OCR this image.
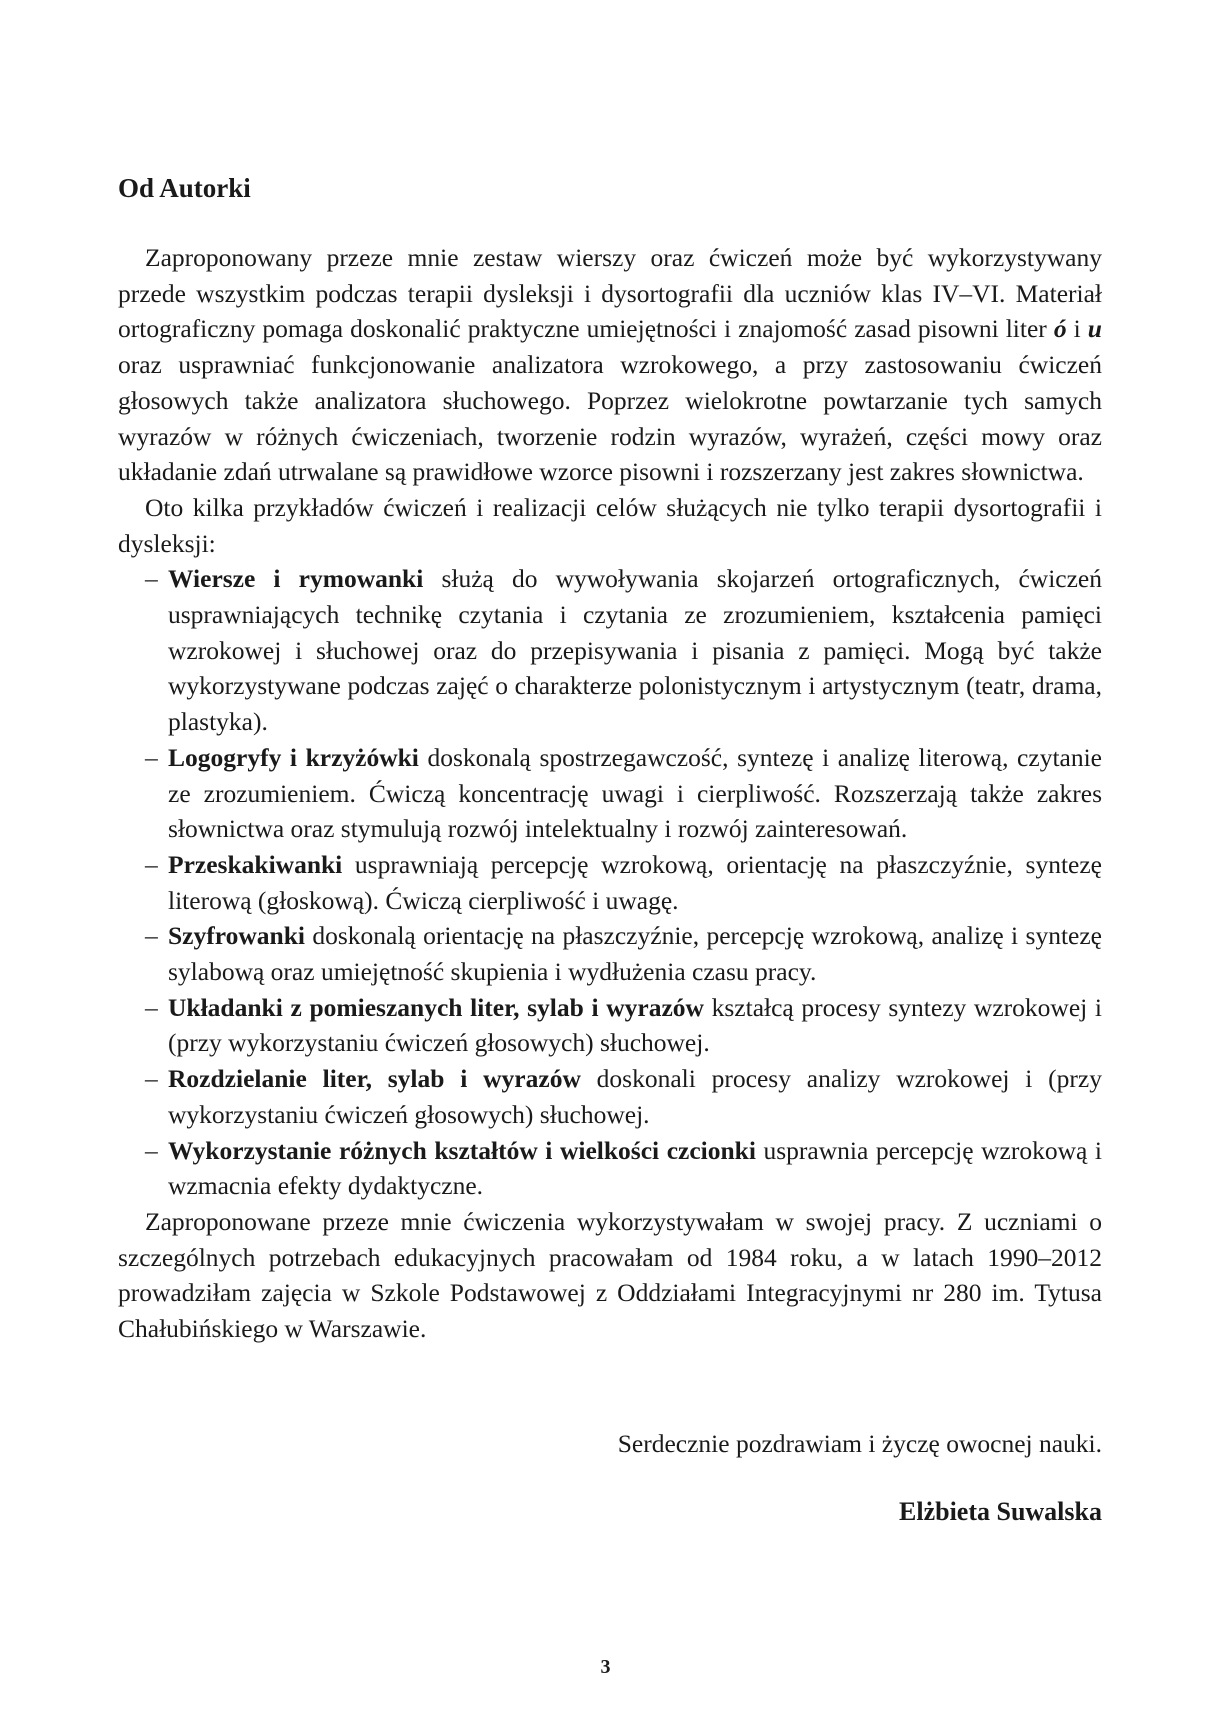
Od Autorki

Zaproponowany przeze mnie zestaw wierszy oraz ćwiczeń może być wykorzystywany przede wszystkim podczas terapii dysleksji i dysortografii dla uczniów klas IV–VI. Materiał ortograficzny pomaga doskonalić praktyczne umiejętności i znajomość zasad pisowni liter ó i u oraz usprawniać funkcjonowanie analizatora wzrokowego, a przy zastosowaniu ćwiczeń głosowych także analizatora słuchowego. Poprzez wielokrotne powtarzanie tych samych wyrazów w różnych ćwiczeniach, tworzenie rodzin wyrazów, wyrażeń, części mowy oraz układanie zdań utrwalane są prawidłowe wzorce pisowni i rozszerzany jest zakres słownictwa.

Oto kilka przykładów ćwiczeń i realizacji celów służących nie tylko terapii dysortografii i dysleksji:

– Wiersze i rymowanki służą do wywoływania skojarzeń ortograficznych, ćwiczeń usprawniających technikę czytania i czytania ze zrozumieniem, kształcenia pamięci wzrokowej i słuchowej oraz do przepisywania i pisania z pamięci. Mogą być także wykorzystywane podczas zajęć o charakterze polonistycznym i artystycznym (teatr, drama, plastyka).
– Logogryfy i krzyżówki doskonalą spostrzegawczość, syntezę i analizę literową, czytanie ze zrozumieniem. Ćwiczą koncentrację uwagi i cierpliwość. Rozszerzają także zakres słownictwa oraz stymulują rozwój intelektualny i rozwój zainteresowań.
– Przeskakiwanki usprawniają percepcję wzrokową, orientację na płaszczyźnie, syntezę literową (głoskową). Ćwiczą cierpliwość i uwagę.
– Szyfrowanki doskonalą orientację na płaszczyźnie, percepcję wzrokową, analizę i syntezę sylabową oraz umiejętność skupienia i wydłużenia czasu pracy.
– Układanki z pomieszanych liter, sylab i wyrazów kształcą procesy syntezy wzrokowej i (przy wykorzystaniu ćwiczeń głosowych) słuchowej.
– Rozdzielanie liter, sylab i wyrazów doskonali procesy analizy wzrokowej i (przy wykorzystaniu ćwiczeń głosowych) słuchowej.
– Wykorzystanie różnych kształtów i wielkości czcionki usprawnia percepcję wzrokową i wzmacnia efekty dydaktyczne.

Zaproponowane przeze mnie ćwiczenia wykorzystywałam w swojej pracy. Z uczniami o szczególnych potrzebach edukacyjnych pracowałam od 1984 roku, a w latach 1990–2012 prowadziłam zajęcia w Szkole Podstawowej z Oddziałami Integracyjnymi nr 280 im. Tytusa Chałubińskiego w Warszawie.

Serdecznie pozdrawiam i życzę owocnej nauki.
Elżbieta Suwalska
3
